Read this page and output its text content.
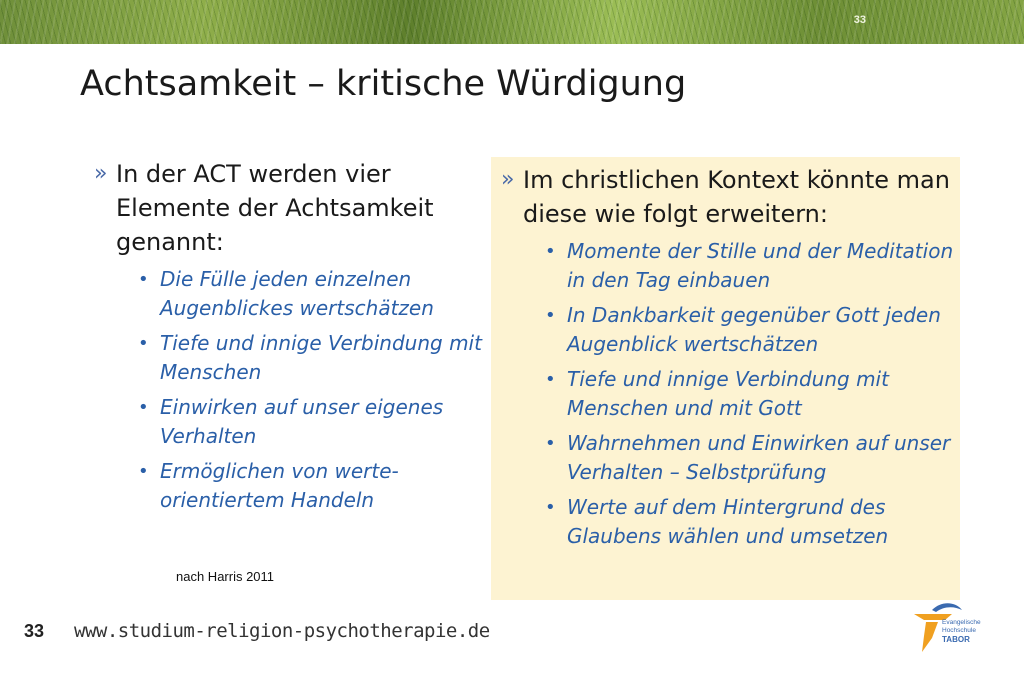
33
Achtsamkeit – kritische Würdigung
» In der ACT werden vier Elemente der Achtsamkeit genannt:
• Die Fülle jeden einzelnen Augenblickes wertschätzen
• Tiefe und innige Verbindung mit Menschen
• Einwirken auf unser eigenes Verhalten
• Ermöglichen von werte-orientiertem Handeln
» Im christlichen Kontext könnte man diese wie folgt erweitern:
• Momente der Stille und der Meditation in den Tag einbauen
• In Dankbarkeit gegenüber Gott jeden Augenblick wertschätzen
• Tiefe und innige Verbindung mit Menschen und mit Gott
• Wahrnehmen und Einwirken auf unser Verhalten – Selbstprüfung
• Werte auf dem Hintergrund des Glaubens wählen und umsetzen
nach Harris 2011
33 www.studium-religion-psychotherapie.de	Evangelische
Hochschule
TABOR
